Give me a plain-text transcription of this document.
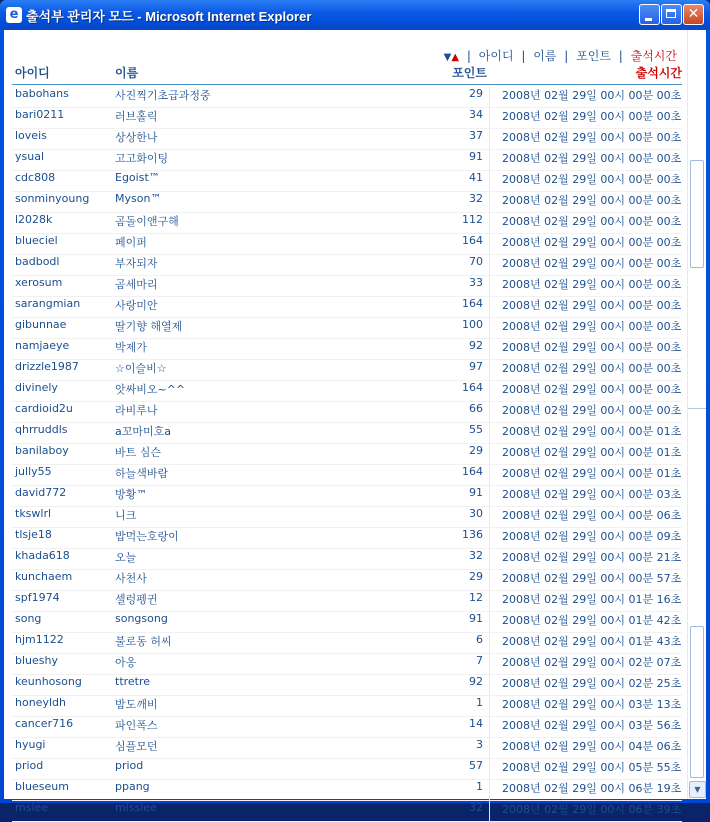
e 출석부 관리자 모드 - Microsoft Internet Explorer	✕
▼▲ | 아이디 | 이름 | 포인트 | 출석시간
아이디	이름	포인트	출석시간
babohans	사진찍기초급과정중	29 2008년 02월 29일 00시 00분 00초
bari0211	러브홀릭	34 2008년 02월 29일 00시 00분 00초
loveis	상상한나	37 2008년 02월 29일 00시 00분 00초
ysual	고고화이팅	91 2008년 02월 29일 00시 00분 00초
cdc808	Egoist™	41 2008년 02월 29일 00시 00분 00초
sonminyoung Myson™	32 2008년 02월 29일 00시 00분 00초
l2028k	곰돌이앤구해	112 2008년 02월 29일 00시 00분 00초
blueciel	페이퍼	164 2008년 02월 29일 00시 00분 00초
badbodl	부자되자	70 2008년 02월 29일 00시 00분 00초
xerosum	곰세마리	33 2008년 02월 29일 00시 00분 00초
sarangmian	사랑미안	164 2008년 02월 29일 00시 00분 00초
gibunnae	딸기향 해열제	100 2008년 02월 29일 00시 00분 00초
namjaeye	박제가	92 2008년 02월 29일 00시 00분 00초
drizzle1987	☆이슬비☆	97 2008년 02월 29일 00시 00분 00초
divinely	앗싸비오~^^	164 2008년 02월 29일 00시 00분 00초
cardioid2u	라비루나	66 2008년 02월 29일 00시 00분 00초
qhrruddls	a꼬마미호a	55 2008년 02월 29일 00시 00분 01초
banilaboy	바트 심슨	29 2008년 02월 29일 00시 00분 01초
jully55	하늘색바람	164 2008년 02월 29일 00시 00분 01초
david772	방황™	91 2008년 02월 29일 00시 00분 03초
tkswlrl	니크	30 2008년 02월 29일 00시 00분 06초
tlsje18	밥먹는호랑이	136 2008년 02월 29일 00시 00분 09초
khada618	오늘	32 2008년 02월 29일 00시 00분 21초
kunchaem	사천사	29 2008년 02월 29일 00시 00분 57초
spf1974	셀렁펭귄	12 2008년 02월 29일 00시 01분 16초
song	songsong	91 2008년 02월 29일 00시 01분 42초
hjm1122	불로동 허씨	6 2008년 02월 29일 00시 01분 43초
blueshy	아옹	7 2008년 02월 29일 00시 02분 07초
keunhosong	ttretre	92 2008년 02월 29일 00시 02분 25초
honeyldh	밤도깨비	1 2008년 02월 29일 00시 03분 13초
cancer716	파인폭스	14 2008년 02월 29일 00시 03분 56초
hyugi	심플모던	3 2008년 02월 29일 00시 04분 06초
priod	priod	57 2008년 02월 29일 00시 05분 55초
blueseum	ppang	1 2008년 02월 29일 00시 06분 19초
mslee	misslee	32 2008년 02월 29일 00시 06분 39초
▼
